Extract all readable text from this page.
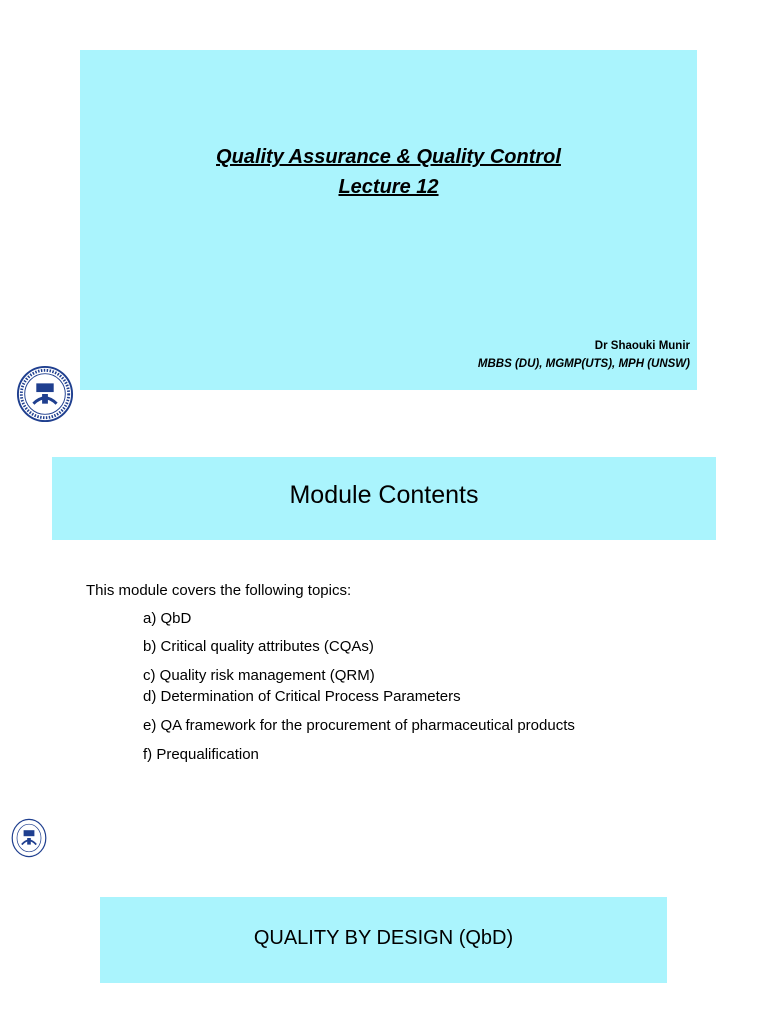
Quality Assurance & Quality Control
Lecture 12
Dr Shaouki Munir
MBBS (DU), MGMP(UTS), MPH (UNSW)
Module Contents
This module covers the following topics:
a) QbD
b) Critical quality attributes (CQAs)
c) Quality risk management (QRM)
d) Determination of Critical Process Parameters
e) QA framework for the procurement of pharmaceutical products
f) Prequalification
QUALITY BY DESIGN (QbD)
